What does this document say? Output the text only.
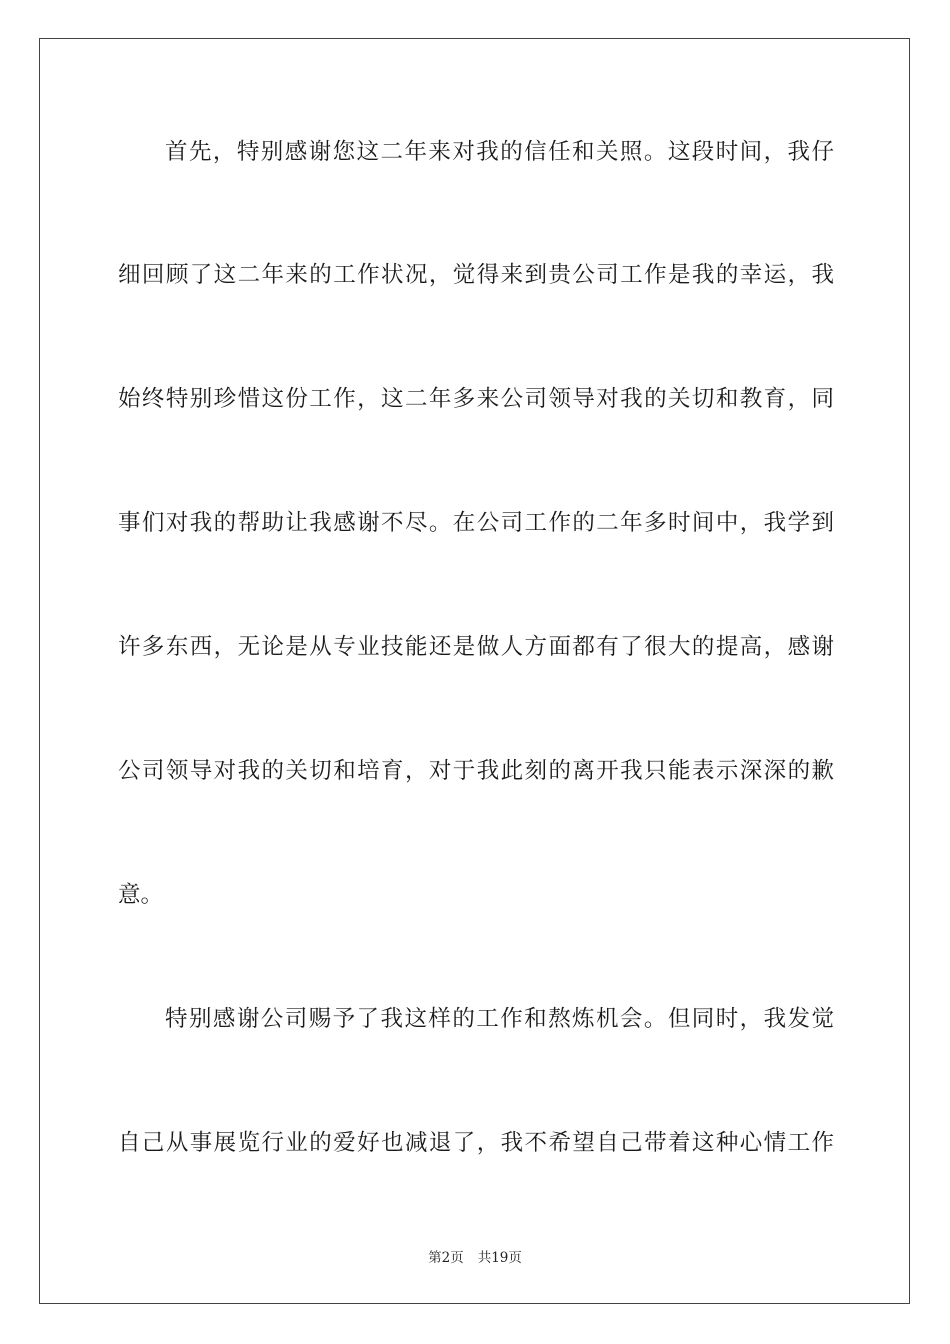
首先，特别感谢您这二年来对我的信任和关照。这段时间，我仔
细回顾了这二年来的工作状况，觉得来到贵公司工作是我的幸运，我
始终特别珍惜这份工作，这二年多来公司领导对我的关切和教育，同
事们对我的帮助让我感谢不尽。在公司工作的二年多时间中，我学到
许多东西，无论是从专业技能还是做人方面都有了很大的提高，感谢
公司领导对我的关切和培育，对于我此刻的离开我只能表示深深的歉
意。
特别感谢公司赐予了我这样的工作和熬炼机会。但同时，我发觉
自己从事展览行业的爱好也减退了，我不希望自己带着这种心情工作
第2页 共19页
